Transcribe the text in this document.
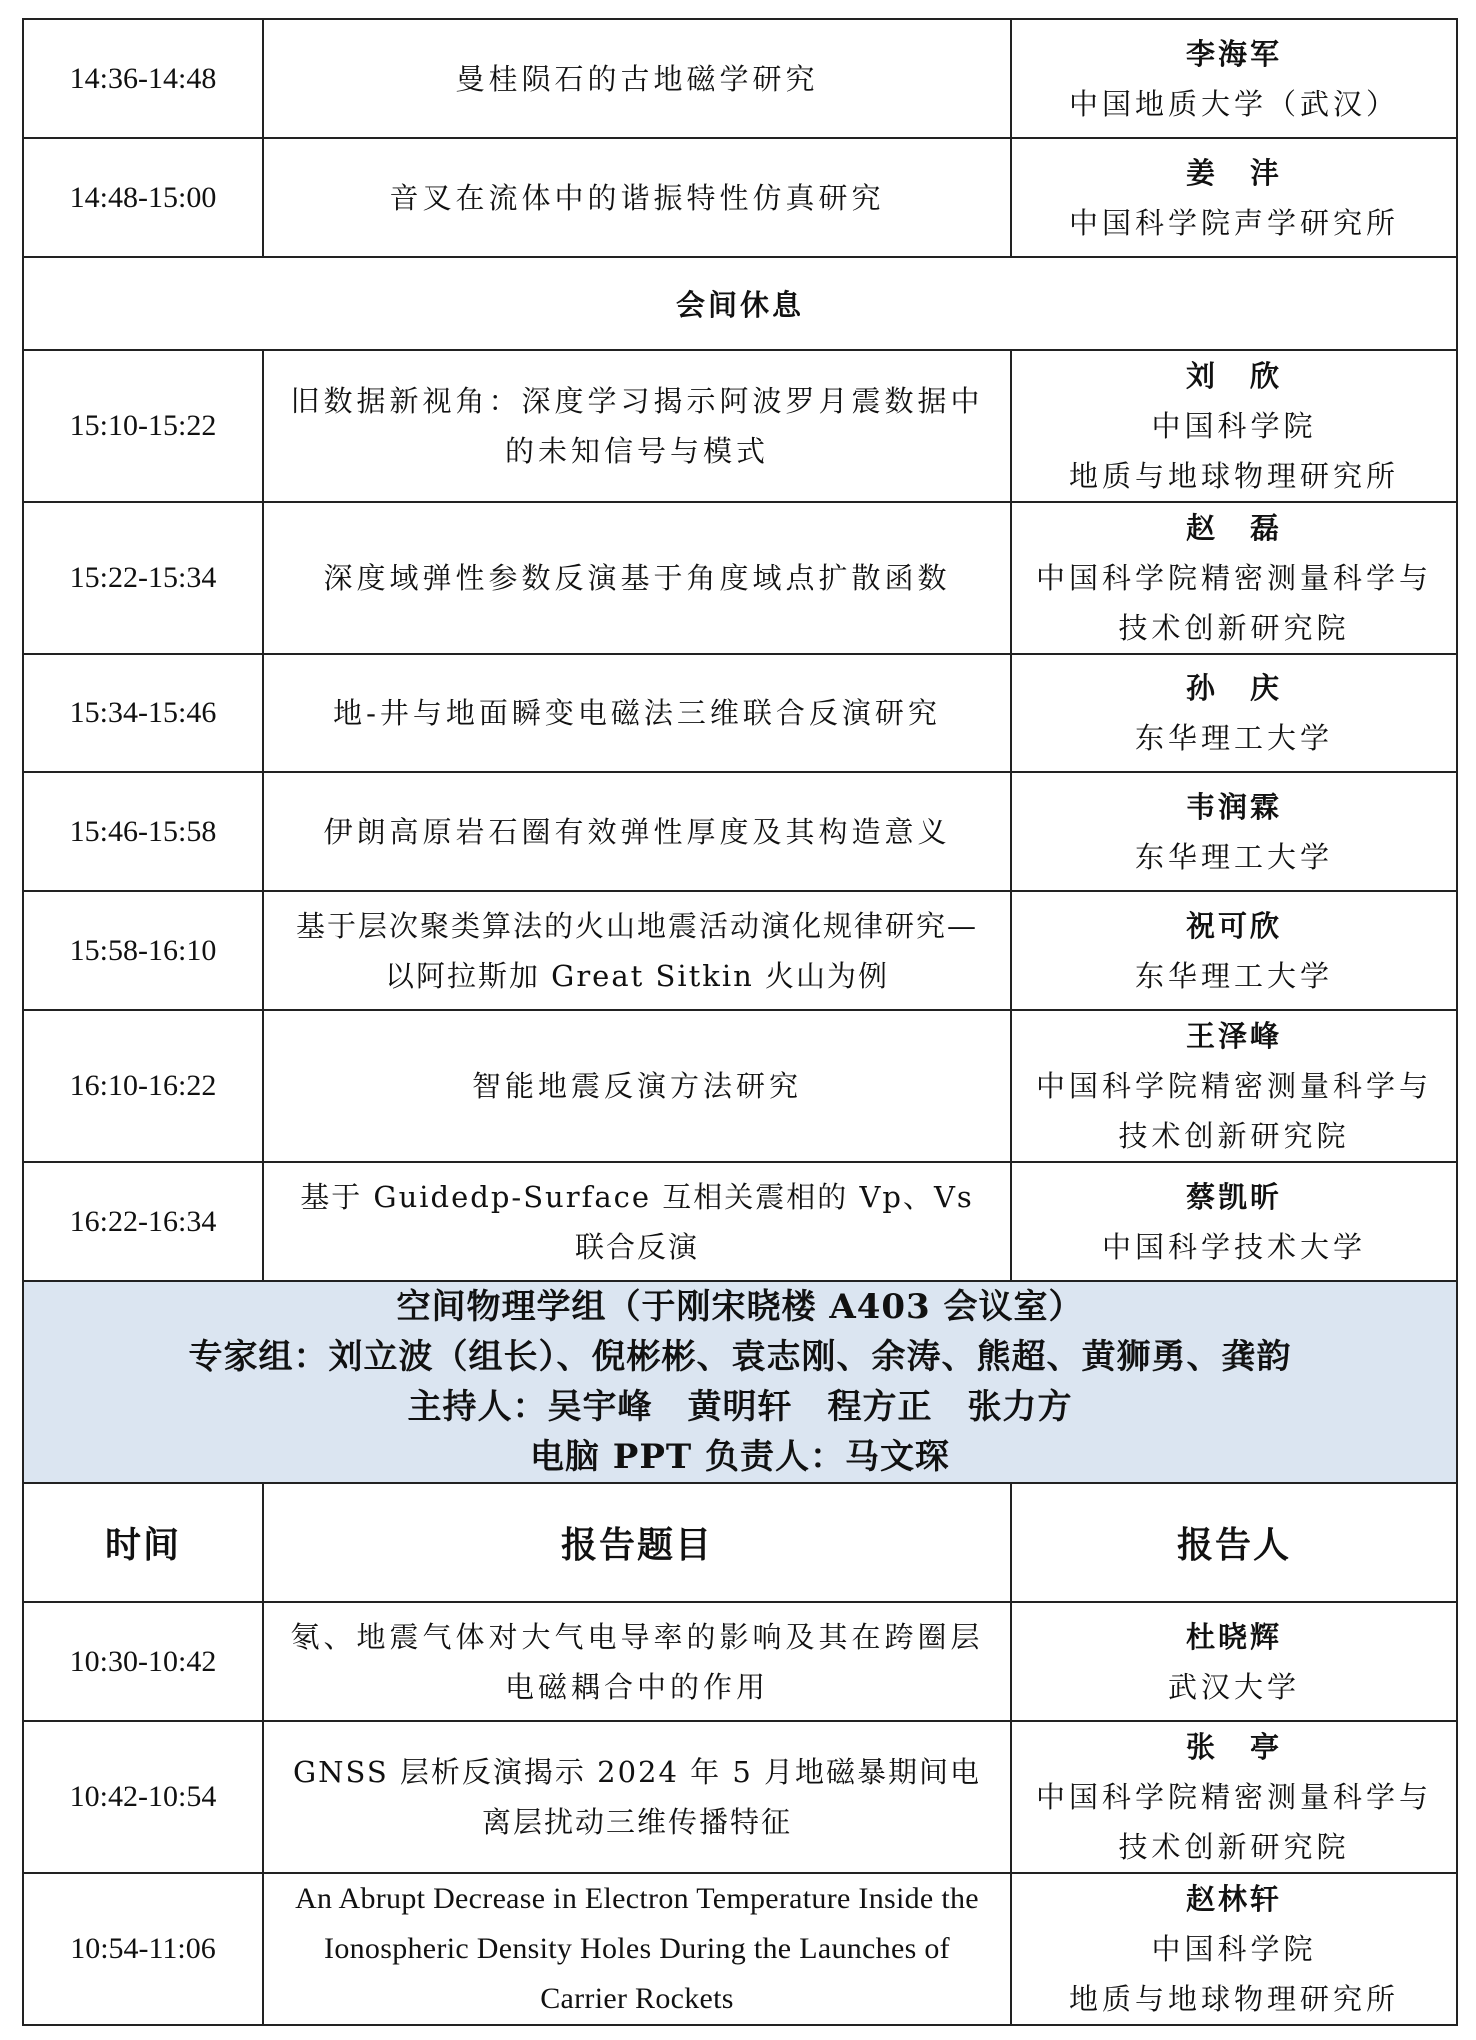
14:36-14:48	曼桂陨石的古地磁学研究	李海军
中国地质大学（武汉）

14:48-15:00	音叉在流体中的谐振特性仿真研究	姜　沣
中国科学院声学研究所

会间休息		
15:10-15:22	旧数据新视角：深度学习揭示阿波罗月震数据中的未知信号与模式	刘　欣
中国科学院
地质与地球物理研究所

15:22-15:34	深度域弹性参数反演基于角度域点扩散函数	赵　磊
中国科学院精密测量科学与
技术创新研究院

15:34-15:46	地-井与地面瞬变电磁法三维联合反演研究	孙　庆
东华理工大学

15:46-15:58	伊朗高原岩石圈有效弹性厚度及其构造意义	韦润霖
东华理工大学

15:58-16:10	基于层次聚类算法的火山地震活动演化规律研究—以阿拉斯加 Great Sitkin 火山为例	祝可欣
东华理工大学

16:10-16:22	智能地震反演方法研究	王泽峰
中国科学院精密测量科学与
技术创新研究院

16:22-16:34	基于 Guidedp-Surface 互相关震相的 Vp、Vs 联合反演	蔡凯昕
中国科学技术大学

空间物理学组（于刚宋晓楼 A403 会议室）
专家组：刘立波（组长）、倪彬彬、袁志刚、余涛、熊超、黄狮勇、龚韵
主持人：吴宇峰　黄明轩　程方正　张力方
电脑 PPT 负责人：马文琛		

时间	报告题目	报告人
10:30-10:42	氡、地震气体对大气电导率的影响及其在跨圈层电磁耦合中的作用	杜晓辉
武汉大学

10:42-10:54	GNSS 层析反演揭示 2024 年 5 月地磁暴期间电离层扰动三维传播特征	张　亭
中国科学院精密测量科学与
技术创新研究院

10:54-11:06	An Abrupt Decrease in Electron Temperature Inside the Ionospheric Density Holes During the Launches of Carrier Rockets	赵林轩
中国科学院
地质与地球物理研究所
